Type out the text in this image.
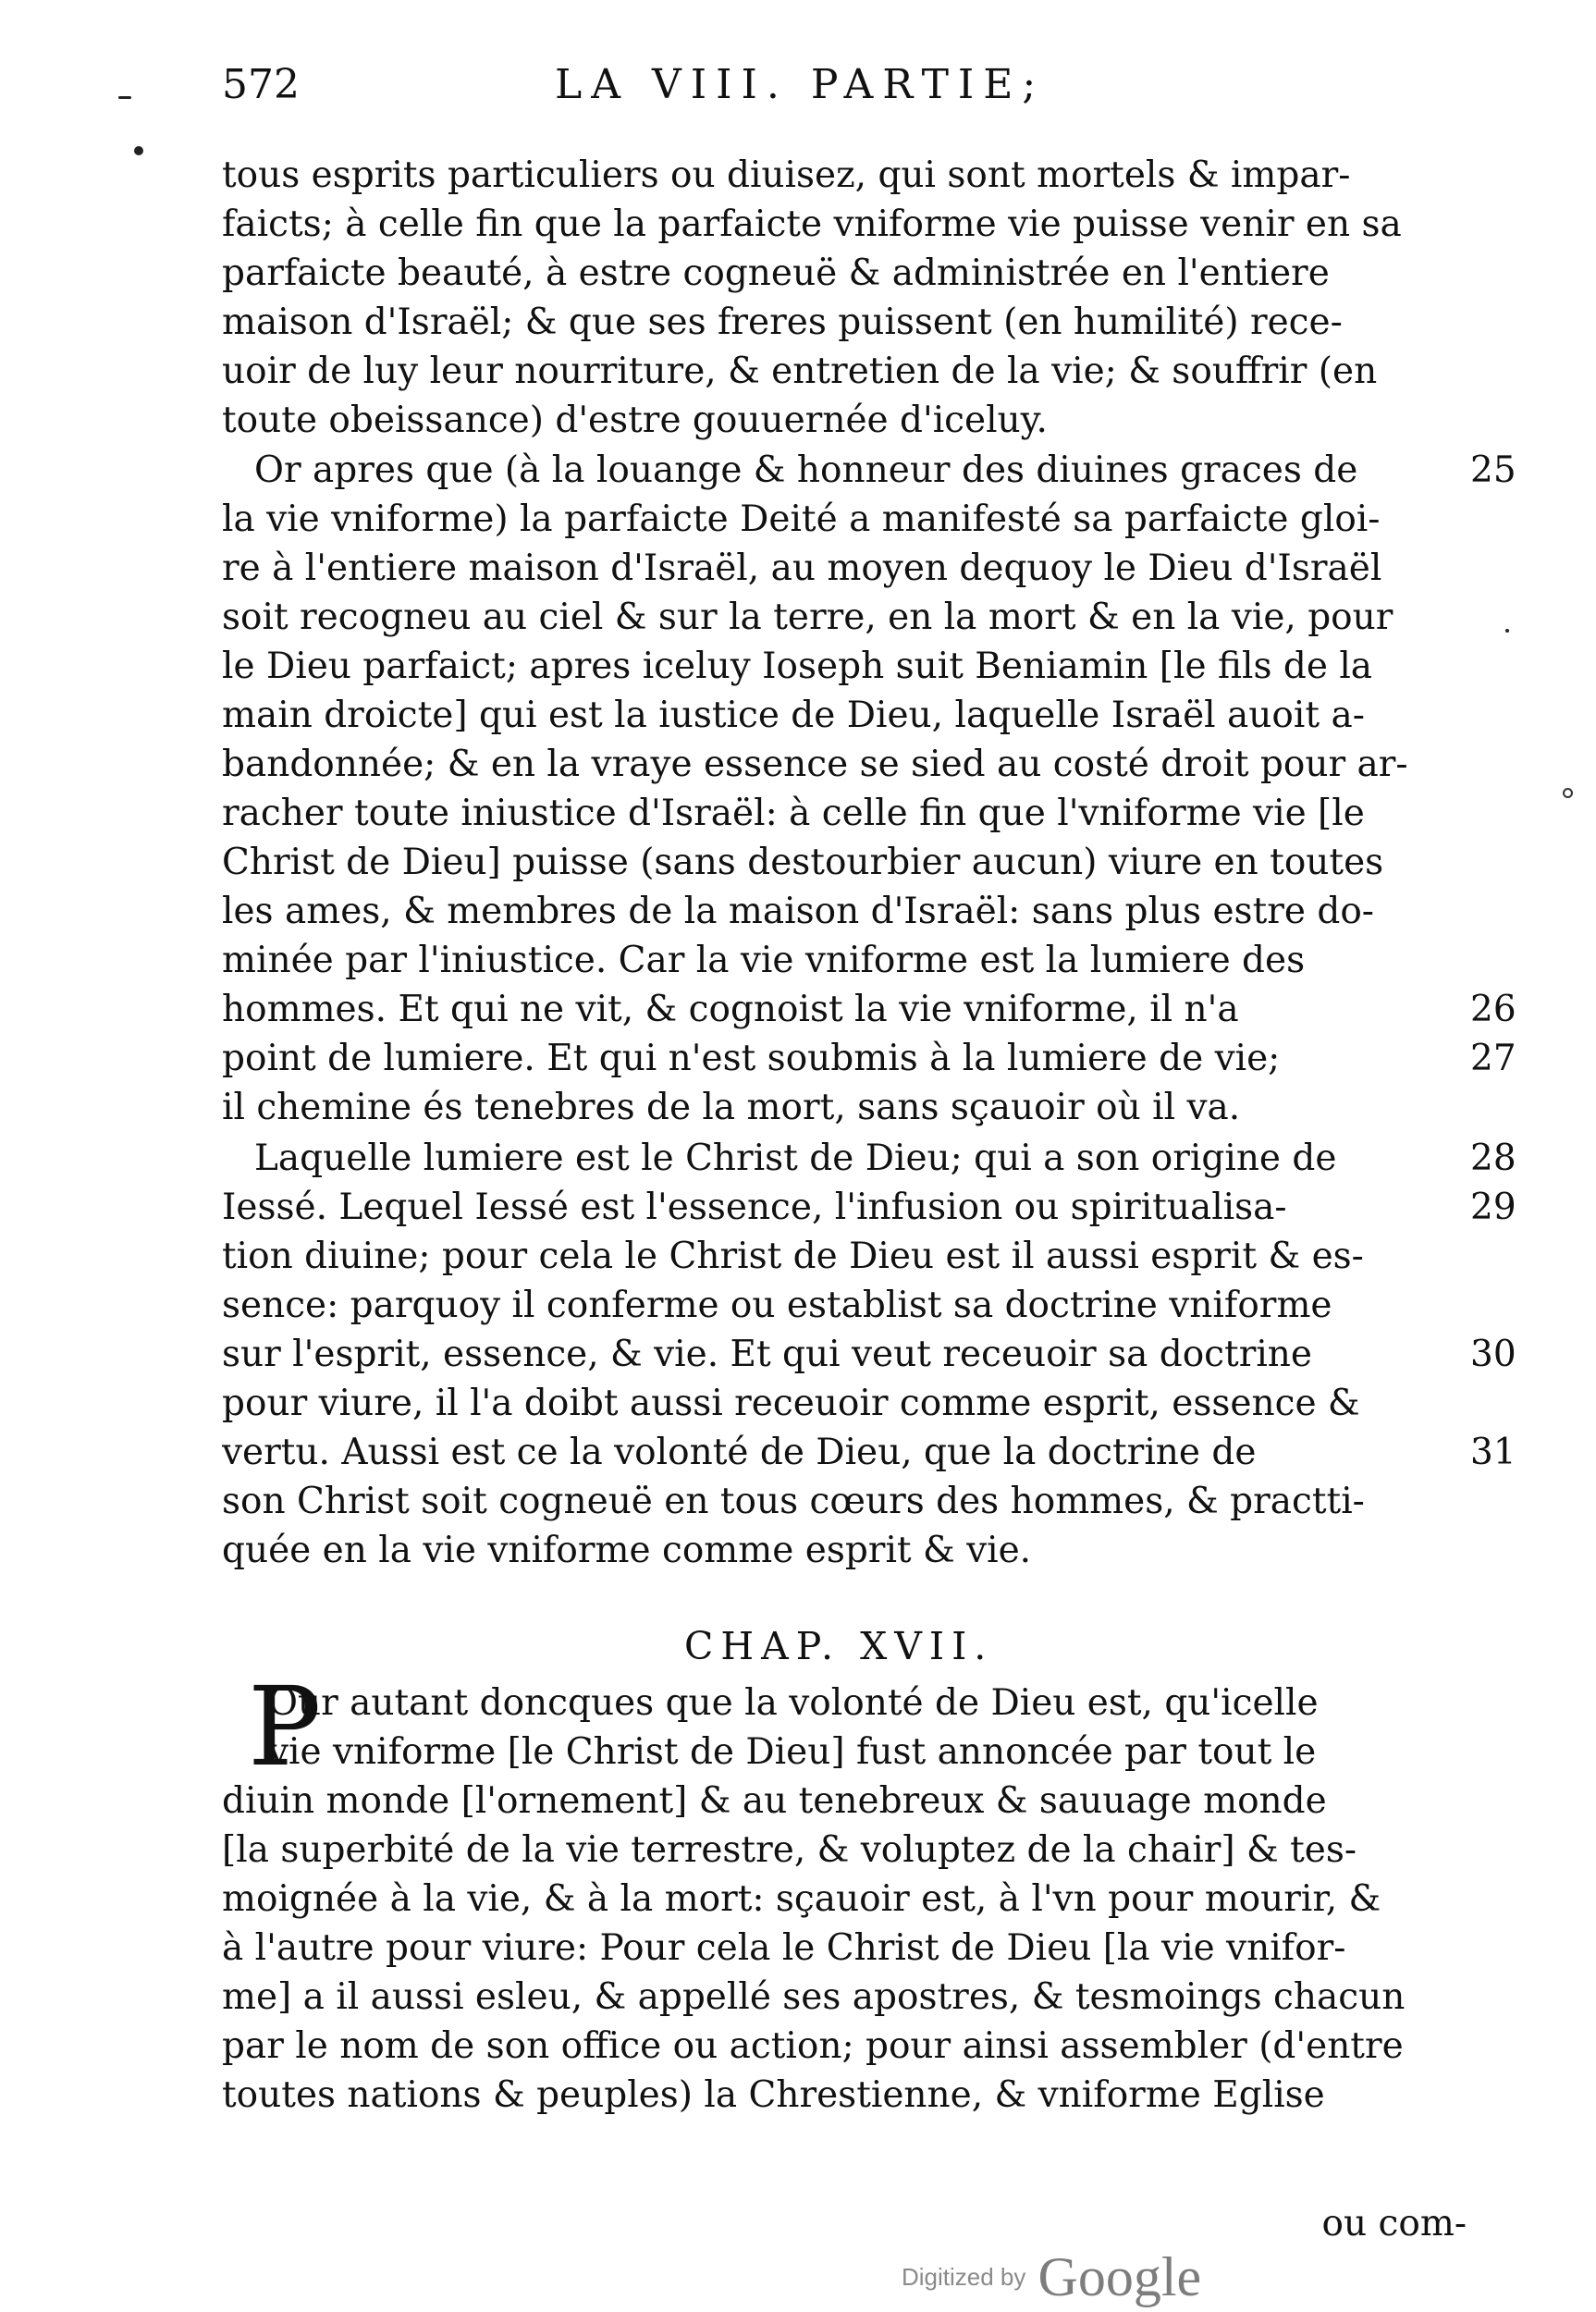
572	LA VIII. PARTIE;
tous esprits particuliers ou diuisez, qui sont mortels & impar-
faicts; à celle fin que la parfaicte vniforme vie puisse venir en sa
parfaicte beauté, à estre cogneuë & administrée en l'entiere
maison d'Israël; & que ses freres puissent (en humilité) rece-
uoir de luy leur nourriture, & entretien de la vie; & souffrir (en
toute obeissance) d'estre gouuernée d'iceluy.
Or apres que (à la louange & honneur des diuines graces de
la vie vniforme) la parfaicte Deité a manifesté sa parfaicte gloi-
re à l'entiere maison d'Israël, au moyen dequoy le Dieu d'Israël
soit recogneu au ciel & sur la terre, en la mort & en la vie, pour
le Dieu parfaict; apres iceluy Ioseph suit Beniamin [le fils de la
main droicte] qui est la iustice de Dieu, laquelle Israël auoit a-
bandonnée; & en la vraye essence se sied au costé droit pour ar-
racher toute iniustice d'Israël: à celle fin que l'vniforme vie [le
Christ de Dieu] puisse (sans destourbier aucun) viure en toutes
les ames, & membres de la maison d'Israël: sans plus estre do-
minée par l'iniustice. Car la vie vniforme est la lumiere des
hommes. Et qui ne vit, & cognoist la vie vniforme, il n'a
point de lumiere. Et qui n'est soubmis à la lumiere de vie;
il chemine és tenebres de la mort, sans sçauoir où il va.
Laquelle lumiere est le Christ de Dieu; qui a son origine de
Iessé. Lequel Iessé est l'essence, l'infusion ou spiritualisa-
tion diuine; pour cela le Christ de Dieu est il aussi esprit & es-
sence: parquoy il conferme ou establist sa doctrine vniforme
sur l'esprit, essence, & vie. Et qui veut receuoir sa doctrine
pour viure, il l'a doibt aussi receuoir comme esprit, essence &
vertu. Aussi est ce la volonté de Dieu, que la doctrine de
son Christ soit cogneuë en tous cœurs des hommes, & practti-
quée en la vie vniforme comme esprit & vie.
25
26
27
28
29
30
31
CHAP. XVII.
P
Our autant doncques que la volonté de Dieu est, qu'icelle
vie vniforme [le Christ de Dieu] fust annoncée par tout le
diuin monde [l'ornement] & au tenebreux & sauuage monde
[la superbité de la vie terrestre, & voluptez de la chair] & tes-
moignée à la vie, & à la mort: sçauoir est, à l'vn pour mourir, &
à l'autre pour viure: Pour cela le Christ de Dieu [la vie vnifor-
me] a il aussi esleu, & appellé ses apostres, & tesmoings chacun
par le nom de son office ou action; pour ainsi assembler (d'entre
toutes nations & peuples) la Chrestienne, & vniforme Eglise
ou com-
Digitized by Google
